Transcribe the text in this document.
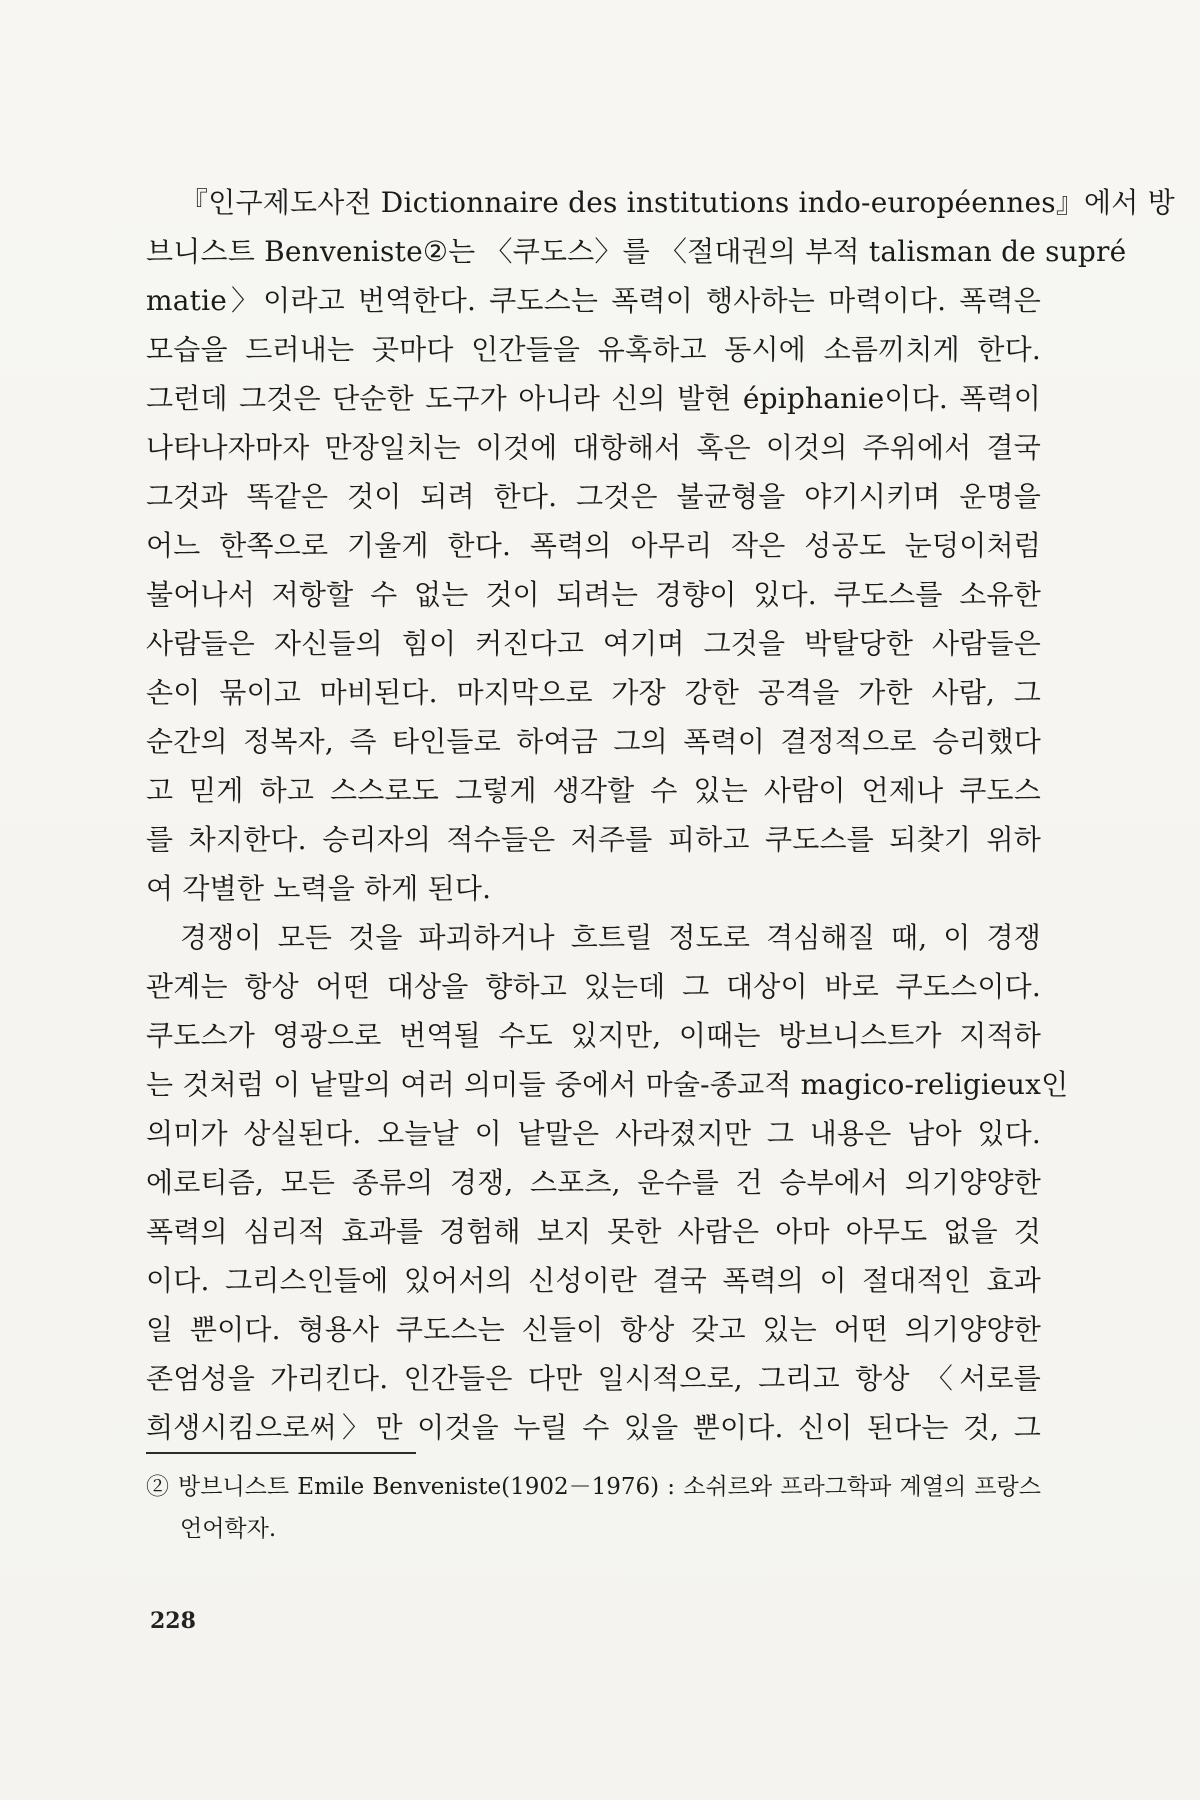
『인구제도사전 Dictionnaire des institutions indo-européennes』에서 방
브니스트 Benveniste②는 〈쿠도스〉를 〈절대권의 부적 talisman de supré
matie〉이라고 번역한다. 쿠도스는 폭력이 행사하는 마력이다. 폭력은
모습을 드러내는 곳마다 인간들을 유혹하고 동시에 소름끼치게 한다.
그런데 그것은 단순한 도구가 아니라 신의 발현 épiphanie이다. 폭력이
나타나자마자 만장일치는 이것에 대항해서 혹은 이것의 주위에서 결국
그것과 똑같은 것이 되려 한다. 그것은 불균형을 야기시키며 운명을
어느 한쪽으로 기울게 한다. 폭력의 아무리 작은 성공도 눈덩이처럼
불어나서 저항할 수 없는 것이 되려는 경향이 있다. 쿠도스를 소유한
사람들은 자신들의 힘이 커진다고 여기며 그것을 박탈당한 사람들은
손이 묶이고 마비된다. 마지막으로 가장 강한 공격을 가한 사람, 그
순간의 정복자, 즉 타인들로 하여금 그의 폭력이 결정적으로 승리했다
고 믿게 하고 스스로도 그렇게 생각할 수 있는 사람이 언제나 쿠도스
를 차지한다. 승리자의 적수들은 저주를 피하고 쿠도스를 되찾기 위하
여 각별한 노력을 하게 된다.
경쟁이 모든 것을 파괴하거나 흐트릴 정도로 격심해질 때, 이 경쟁
관계는 항상 어떤 대상을 향하고 있는데 그 대상이 바로 쿠도스이다.
쿠도스가 영광으로 번역될 수도 있지만, 이때는 방브니스트가 지적하
는 것처럼 이 낱말의 여러 의미들 중에서 마술-종교적 magico-religieux인
의미가 상실된다. 오늘날 이 낱말은 사라졌지만 그 내용은 남아 있다.
에로티즘, 모든 종류의 경쟁, 스포츠, 운수를 건 승부에서 의기양양한
폭력의 심리적 효과를 경험해 보지 못한 사람은 아마 아무도 없을 것
이다. 그리스인들에 있어서의 신성이란 결국 폭력의 이 절대적인 효과
일 뿐이다. 형용사 쿠도스는 신들이 항상 갖고 있는 어떤 의기양양한
존엄성을 가리킨다. 인간들은 다만 일시적으로, 그리고 항상 〈서로를
희생시킴으로써〉만 이것을 누릴 수 있을 뿐이다. 신이 된다는 것, 그
② 방브니스트 Emile Benveniste(1902－1976) : 소쉬르와 프라그학파 계열의 프랑스
언어학자.
228
